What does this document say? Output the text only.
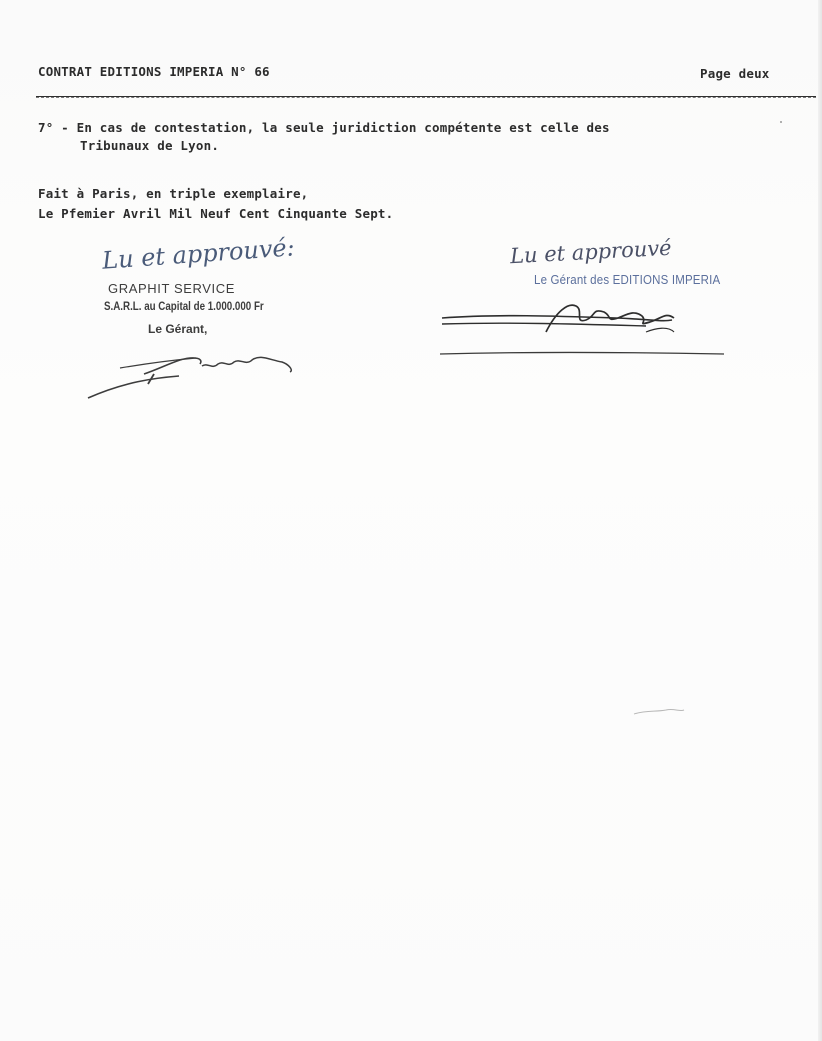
CONTRAT EDITIONS IMPERIA N° 66	Page deux
7° - En cas de contestation, la seule juridiction compétente est celle des
Tribunaux de Lyon.
Fait à Paris, en triple exemplaire,
Le Pfemier Avril Mil Neuf Cent Cinquante Sept.
Lu et approuvé:
GRAPHIT SERVICE
S.A.R.L. au Capital de 1.000.000 Fr
Le Gérant,
Lu et approuvé
Le Gérant des EDITIONS IMPERIA
